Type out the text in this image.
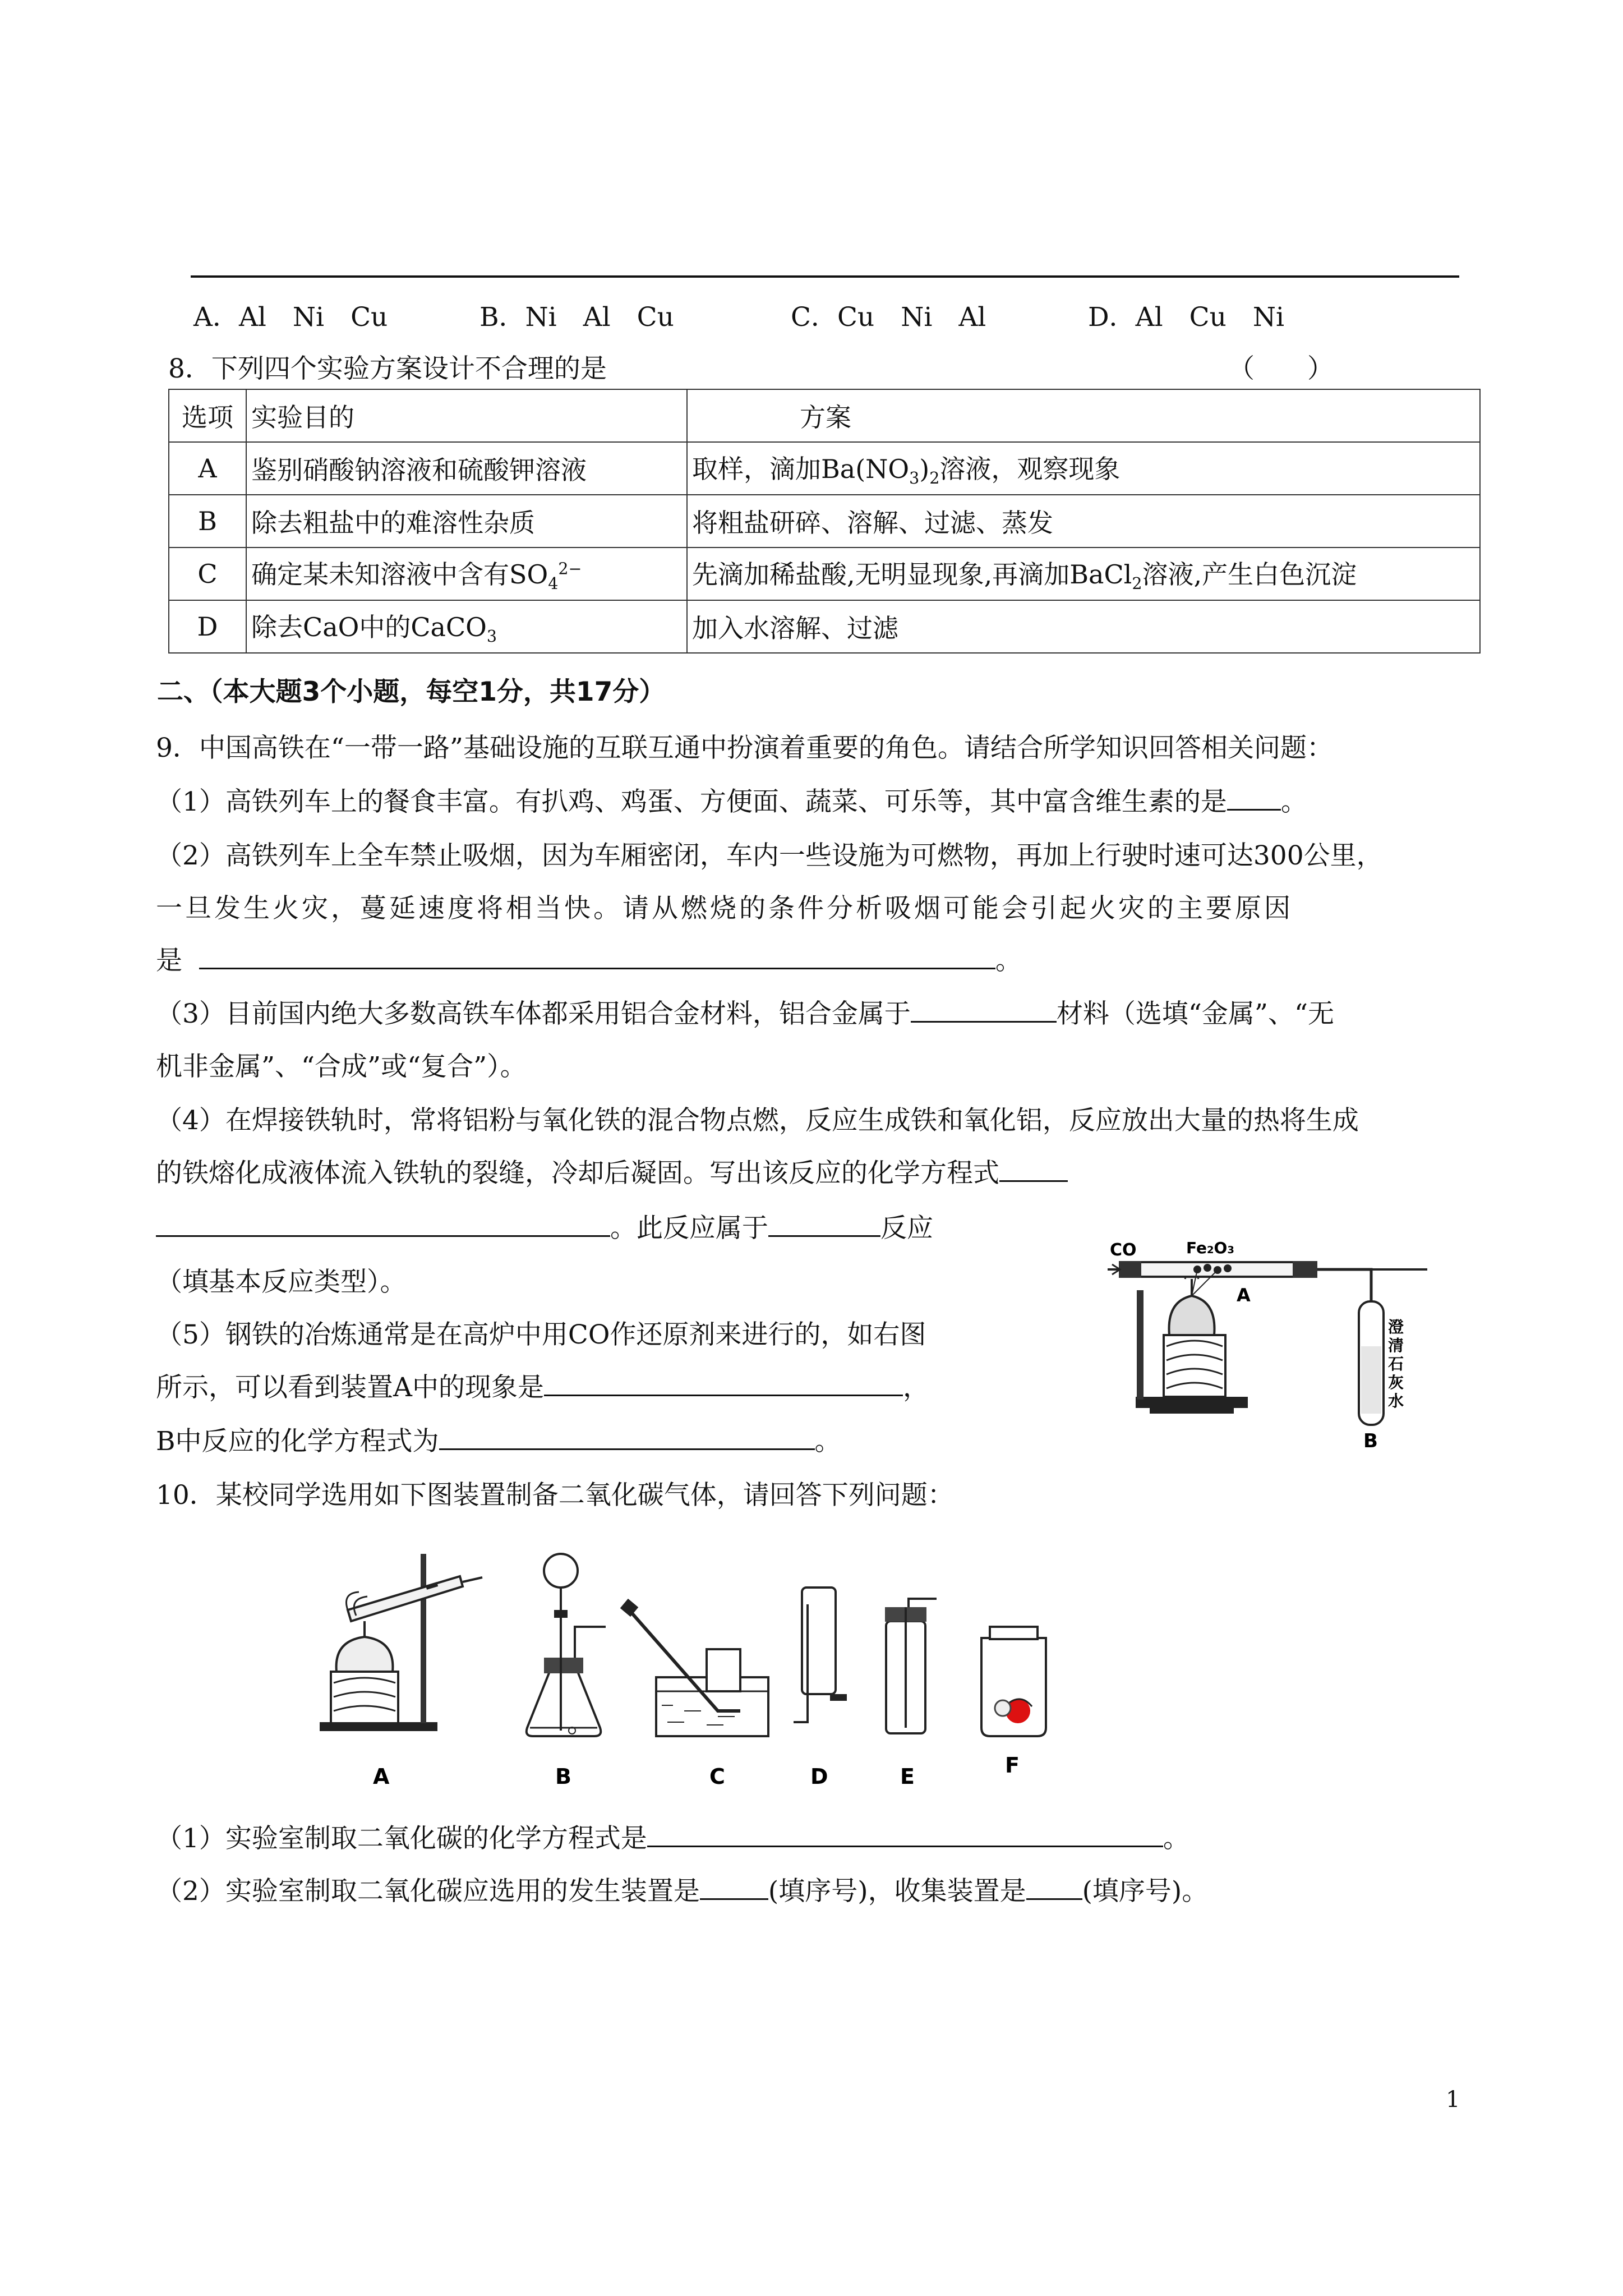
A．Al　Ni　Cu	B．Ni　Al　Cu	C．Cu　Ni　Al	D．Al　Cu　Ni
8．下列四个实验方案设计不合理的是	（　　）
选项	实验目的	方案
A	鉴别硝酸钠溶液和硫酸钾溶液	取样，滴加$Ba(NO_3)_2$溶液，观察现象
B	除去粗盐中的难溶性杂质	将粗盐研碎、溶解、过滤、蒸发
C	确定某未知溶液中含有$SO_4^{2-}$	先滴加稀盐酸,无明显现象,再滴加BaCl$_2$溶液,产生白色沉淀
D	除去CaO中的CaCO$_3$	加入水溶解、过滤
二、（本大题3个小题，每空1分，共17分）
9．中国高铁在“一带一路”基础设施的互联互通中扮演着重要的角色。请结合所学知识回答相关问题：
（1）高铁列车上的餐食丰富。有扒鸡、鸡蛋、方便面、蔬菜、可乐等，其中富含维生素的是 。
（2）高铁列车上全车禁止吸烟，因为车厢密闭，车内一些设施为可燃物，再加上行驶时速可达300公里，
一旦发生火灾，蔓延速度将相当快。请从燃烧的条件分析吸烟可能会引起火灾的主要原因
是	。
（3）目前国内绝大多数高铁车体都采用铝合金材料，铝合金属于	材料（选填“金属”、“无
机非金属”、“合成”或“复合”）。
（4）在焊接铁轨时，常将铝粉与氧化铁的混合物点燃，反应生成铁和氧化铝，反应放出大量的热将生成
的铁熔化成液体流入铁轨的裂缝，冷却后凝固。写出该反应的化学方程式
。此反应属于	反应
（填基本反应类型）。
（5）钢铁的冶炼通常是在高炉中用CO作还原剂来进行的，如右图
所示，可以看到装置A中的现象是	，
B中反应的化学方程式为	。
CO	Fe2O3
A
B
澄
清
石
灰
水
10．某校同学选用如下图装置制备二氧化碳气体，请回答下列问题：
A	B	C	D	E	F
（1）实验室制取二氧化碳的化学方程式是	。
（2）实验室制取二氧化碳应选用的发生装置是	(填序号)，收集装置是 (填序号)。
1
